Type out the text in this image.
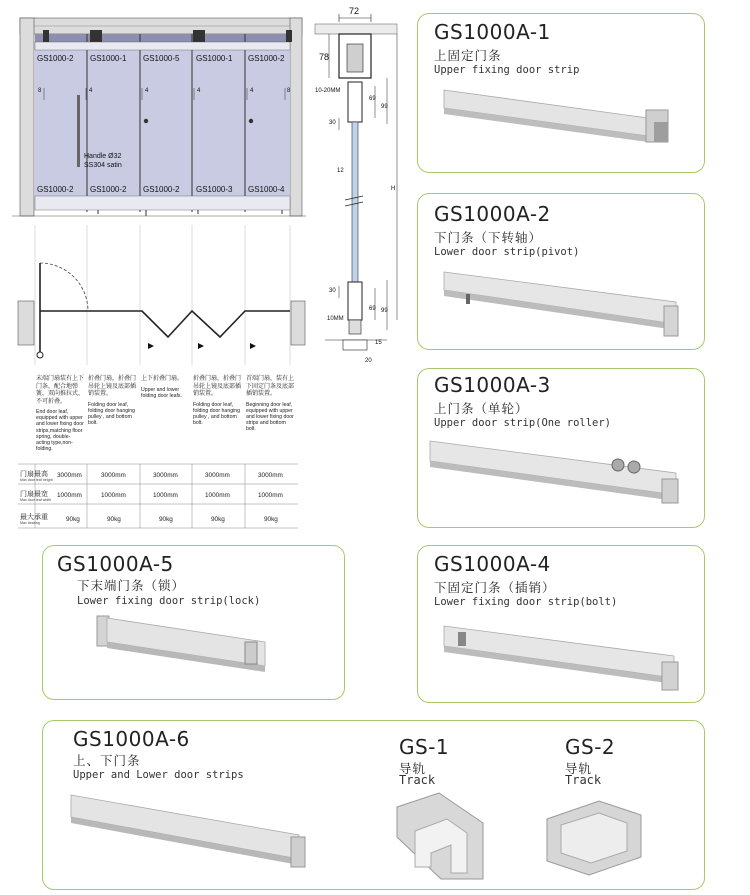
GS1000-2 GS1000-1 GS1000-5 GS1000-1 GS1000-2
GS1000-2 GS1000-2 GS1000-2 GS1000-3 GS1000-4
8	4	4	4	4	8
Handle Ø32
SS304 satin
末端门扇装有上下门条，配合地弹簧，双向推拉式，不可折叠。
End door leaf, equipped with upper and lower fixing door strips,matching floor spring, double-acting type,non-folding.
折叠门扇，折叠门吊轮上镜及底部插销装置。
Folding door leaf, folding door hanging pulley , and bottom bolt.
上下折叠门扇。
Upper and lower folding door leafs.
折叠门扇，折叠门吊轮上镜及底部插销装置。
Folding door leaf, folding door hanging pulley , and bottom bolt.
首端门扇，装有上下固定门条及底部插销装置。
Beginning door leaf, equipped with upper and lower fixing door strips and bottom bolt.
门扇最高
Max door leaf height
3000mm	3000mm	3000mm	3000mm	3000mm
门扇最宽
Max door leaf width
1000mm	1000mm	1000mm	1000mm	1000mm
最大承重
Max bearing	90kg	90kg	90kg	90kg	90kg
72
78
10-20MM
69
99
30
12
H
30
69 99
10MM
15
20
GS1000A-1
上固定门条
Upper fixing door strip
GS1000A-2
下门条（下转轴）
Lower door strip(pivot)
GS1000A-3
上门条（单轮）
Upper door strip(One roller)
GS1000A-5
下末端门条（锁）
Lower fixing door strip(lock)
GS1000A-4
下固定门条（插销）
Lower fixing door strip(bolt)
GS1000A-6
上、下门条
Upper and Lower door strips
GS-1
导轨
Track
GS-2
导轨
Track
